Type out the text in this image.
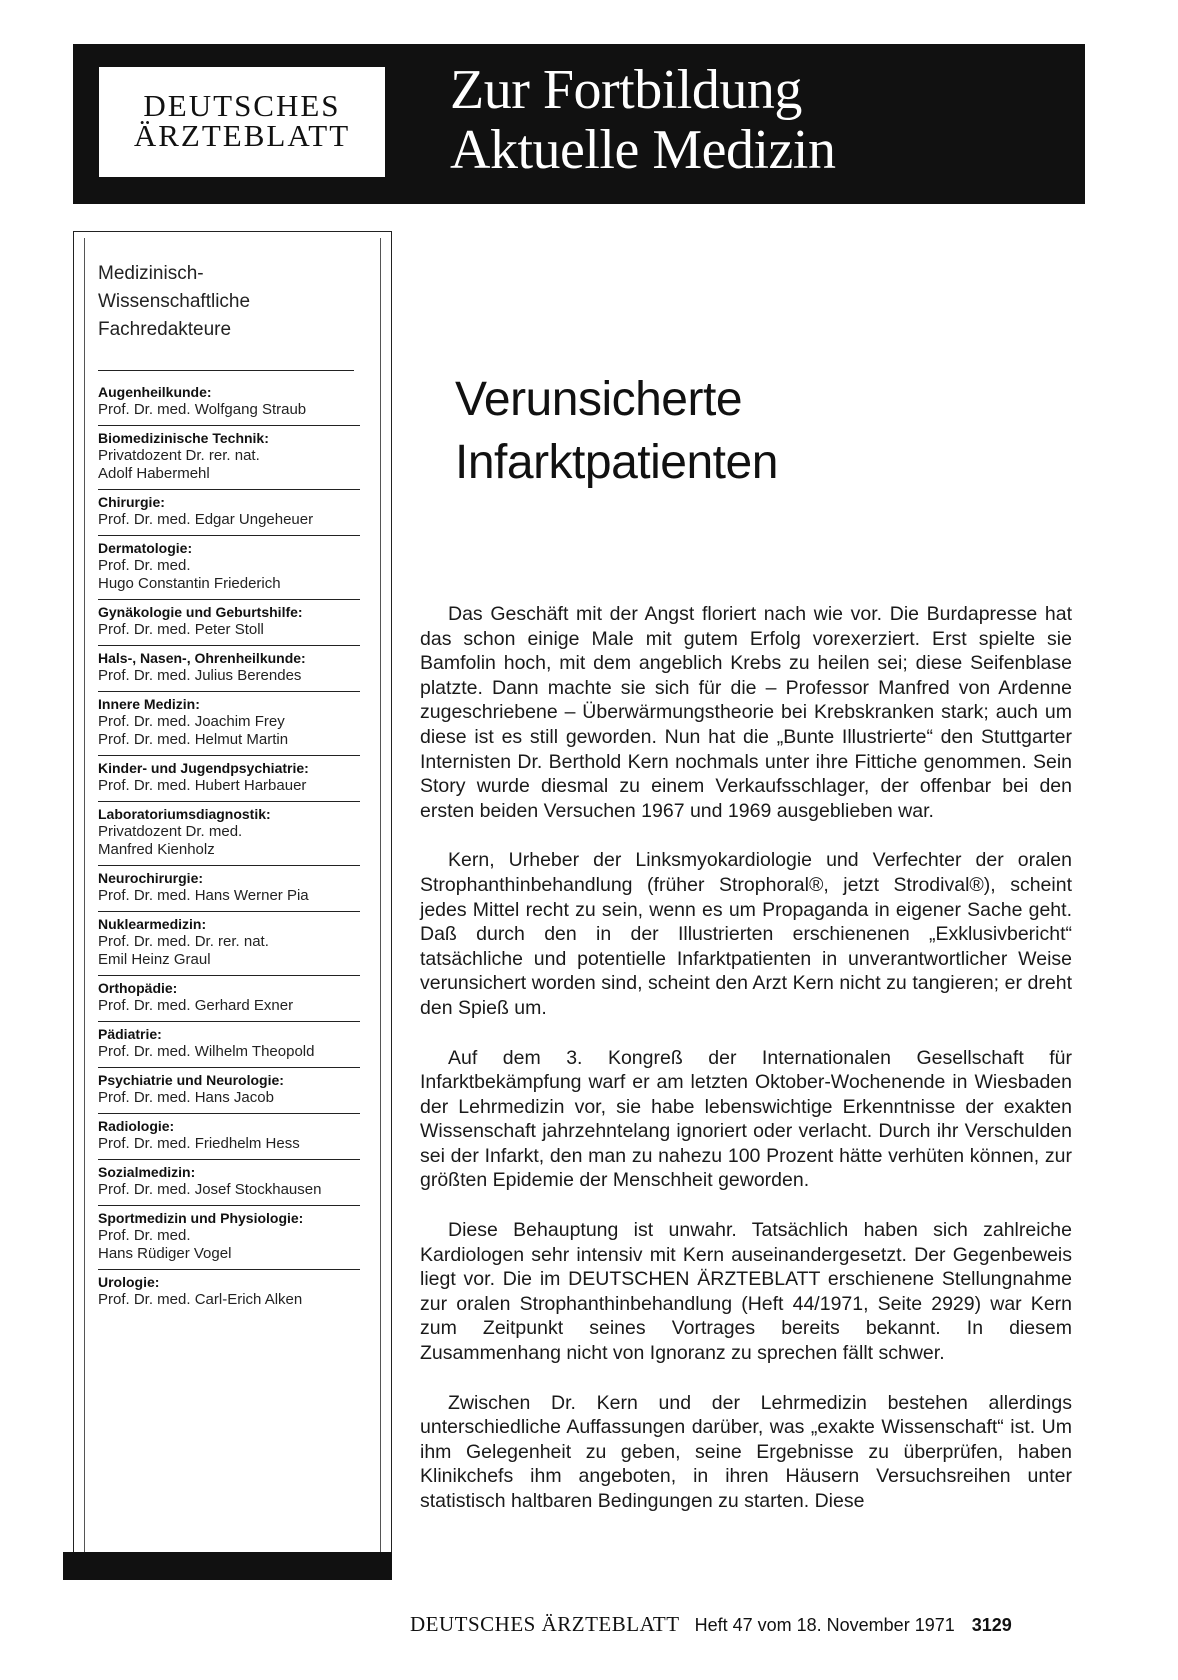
DEUTSCHES
ÄRZTEBLATT
Zur Fortbildung
Aktuelle Medizin
Medizinisch-
Wissenschaftliche
Fachredakteure
Augenheilkunde:
Prof. Dr. med. Wolfgang Straub
Biomedizinische Technik:
Privatdozent Dr. rer. nat.
Adolf Habermehl
Chirurgie:
Prof. Dr. med. Edgar Ungeheuer
Dermatologie:
Prof. Dr. med.
Hugo Constantin Friederich
Gynäkologie und Geburtshilfe:
Prof. Dr. med. Peter Stoll
Hals-, Nasen-, Ohrenheilkunde:
Prof. Dr. med. Julius Berendes
Innere Medizin:
Prof. Dr. med. Joachim Frey
Prof. Dr. med. Helmut Martin
Kinder- und Jugendpsychiatrie:
Prof. Dr. med. Hubert Harbauer
Laboratoriumsdiagnostik:
Privatdozent Dr. med.
Manfred Kienholz
Neurochirurgie:
Prof. Dr. med. Hans Werner Pia
Nuklearmedizin:
Prof. Dr. med. Dr. rer. nat.
Emil Heinz Graul
Orthopädie:
Prof. Dr. med. Gerhard Exner
Pädiatrie:
Prof. Dr. med. Wilhelm Theopold
Psychiatrie und Neurologie:
Prof. Dr. med. Hans Jacob
Radiologie:
Prof. Dr. med. Friedhelm Hess
Sozialmedizin:
Prof. Dr. med. Josef Stockhausen
Sportmedizin und Physiologie:
Prof. Dr. med.
Hans Rüdiger Vogel
Urologie:
Prof. Dr. med. Carl-Erich Alken
Verunsicherte
Infarktpatienten

Das Geschäft mit der Angst floriert nach wie vor. Die Burdapresse hat das schon einige Male mit gutem Erfolg vorexerziert. Erst spielte sie Bamfolin hoch, mit dem angeblich Krebs zu heilen sei; diese Seifenblase platzte. Dann machte sie sich für die – Professor Manfred von Ardenne zugeschriebene – Überwärmungstheorie bei Krebskranken stark; auch um diese ist es still geworden. Nun hat die „Bunte Illustrierte“ den Stuttgarter Internisten Dr. Berthold Kern nochmals unter ihre Fittiche genommen. Sein Story wurde diesmal zu einem Verkaufsschlager, der offenbar bei den ersten beiden Versuchen 1967 und 1969 ausgeblieben war.

Kern, Urheber der Linksmyokardiologie und Verfechter der oralen Strophanthinbehandlung (früher Strophoral®, jetzt Strodival®), scheint jedes Mittel recht zu sein, wenn es um Propaganda in eigener Sache geht. Daß durch den in der Illustrierten erschienenen „Exklusivbericht“ tatsächliche und potentielle Infarktpatienten in unverantwortlicher Weise verunsichert worden sind, scheint den Arzt Kern nicht zu tangieren; er dreht den Spieß um.

Auf dem 3. Kongreß der Internationalen Gesellschaft für Infarktbekämpfung warf er am letzten Oktober-Wochenende in Wiesbaden der Lehrmedizin vor, sie habe lebenswichtige Erkenntnisse der exakten Wissenschaft jahrzehntelang ignoriert oder verlacht. Durch ihr Verschulden sei der Infarkt, den man zu nahezu 100 Prozent hätte verhüten können, zur größten Epidemie der Menschheit geworden.

Diese Behauptung ist unwahr. Tatsächlich haben sich zahlreiche Kardiologen sehr intensiv mit Kern auseinandergesetzt. Der Gegenbeweis liegt vor. Die im DEUTSCHEN ÄRZTEBLATT erschienene Stellungnahme zur oralen Strophanthinbehandlung (Heft 44/1971, Seite 2929) war Kern zum Zeitpunkt seines Vortrages bereits bekannt. In diesem Zusammenhang nicht von Ignoranz zu sprechen fällt schwer.

Zwischen Dr. Kern und der Lehrmedizin bestehen allerdings unterschiedliche Auffassungen darüber, was „exakte Wissenschaft“ ist. Um ihm Gelegenheit zu geben, seine Ergebnisse zu überprüfen, haben Klinikchefs ihm angeboten, in ihren Häusern Versuchsreihen unter statistisch haltbaren Bedingungen zu starten. Diese

DEUTSCHES ÄRZTEBLATT Heft 47 vom 18. November 1971 3129
